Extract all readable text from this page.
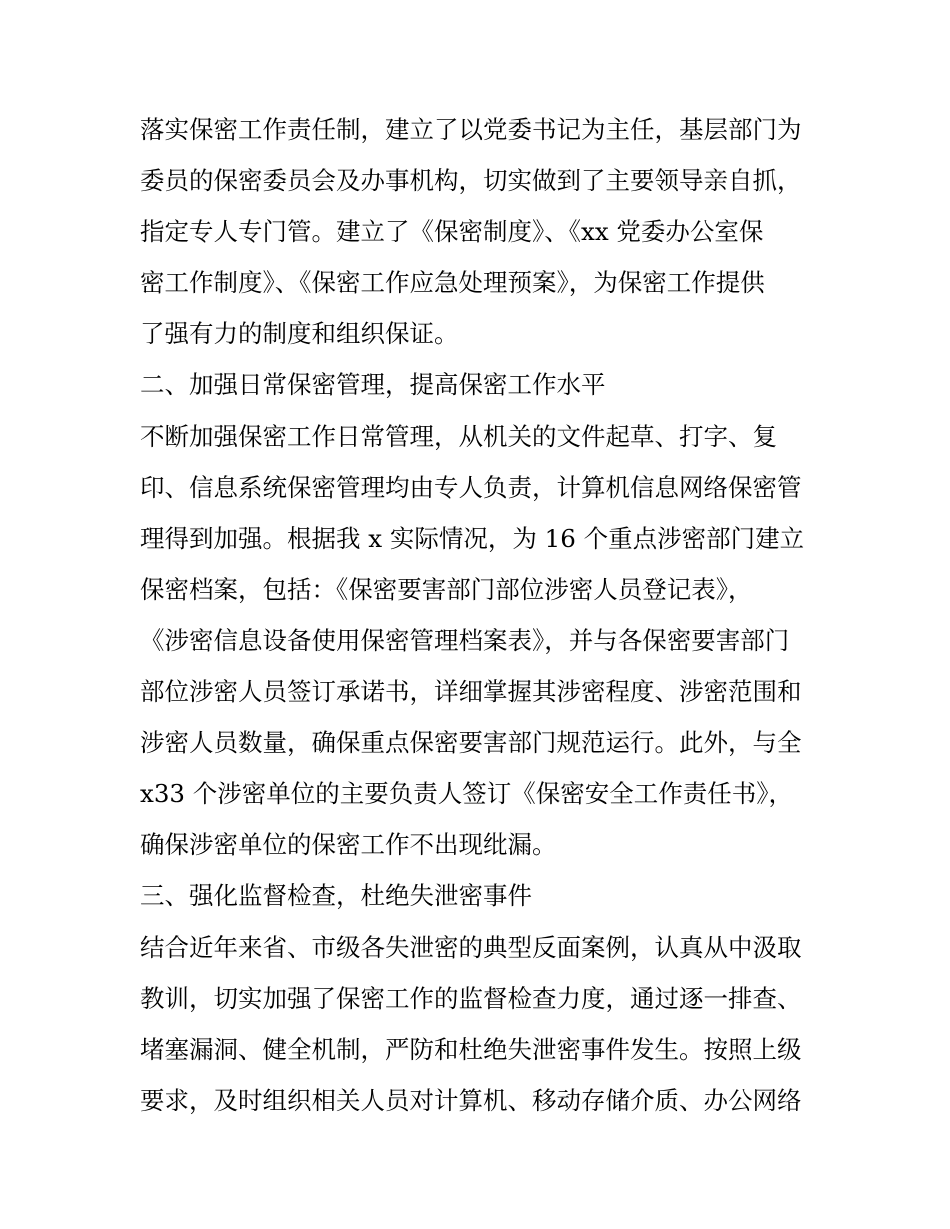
落实保密工作责任制，建立了以党委书记为主任，基层部门为
委员的保密委员会及办事机构，切实做到了主要领导亲自抓，
指定专人专门管。建立了《保密制度》、《xx 党委办公室保
密工作制度》、《保密工作应急处理预案》，为保密工作提供
了强有力的制度和组织保证。
二、加强日常保密管理，提高保密工作水平
不断加强保密工作日常管理，从机关的文件起草、打字、复
印、信息系统保密管理均由专人负责，计算机信息网络保密管
理得到加强。根据我 x 实际情况，为 16 个重点涉密部门建立
保密档案，包括：《保密要害部门部位涉密人员登记表》，
《涉密信息设备使用保密管理档案表》，并与各保密要害部门
部位涉密人员签订承诺书，详细掌握其涉密程度、涉密范围和
涉密人员数量，确保重点保密要害部门规范运行。此外，与全
x33 个涉密单位的主要负责人签订《保密安全工作责任书》，
确保涉密单位的保密工作不出现纰漏。
三、强化监督检查，杜绝失泄密事件
结合近年来省、市级各失泄密的典型反面案例，认真从中汲取
教训，切实加强了保密工作的监督检查力度，通过逐一排查、
堵塞漏洞、健全机制，严防和杜绝失泄密事件发生。按照上级
要求，及时组织相关人员对计算机、移动存储介质、办公网络
